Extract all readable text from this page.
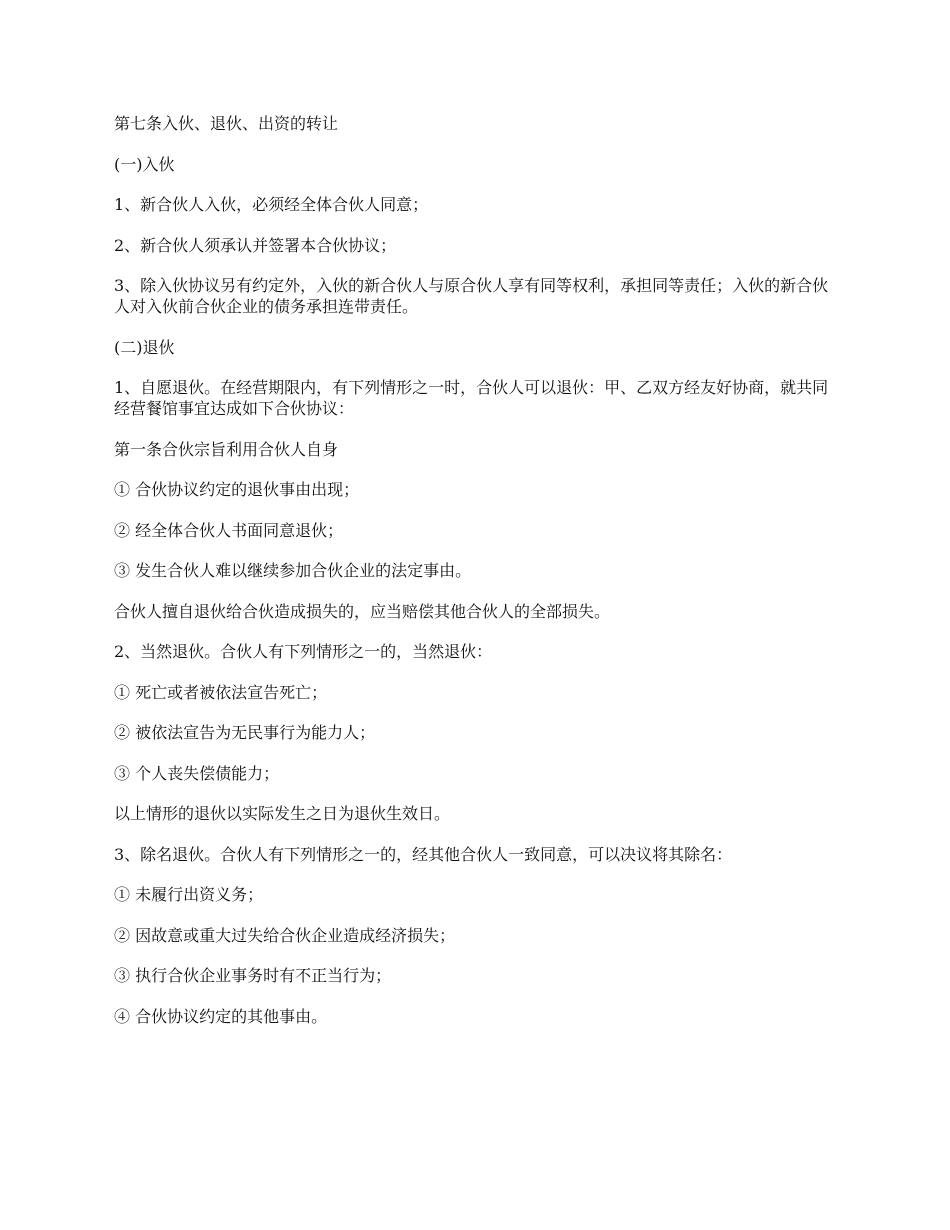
第七条入伙、退伙、出资的转让

(一)入伙

1、新合伙人入伙，必须经全体合伙人同意；

2、新合伙人须承认并签署本合伙协议；

3、除入伙协议另有约定外，入伙的新合伙人与原合伙人享有同等权利，承担同等责任；入伙的新合伙人对入伙前合伙企业的债务承担连带责任。

(二)退伙

1、自愿退伙。在经营期限内，有下列情形之一时，合伙人可以退伙：甲、乙双方经友好协商，就共同经营餐馆事宜达成如下合伙协议：

第一条合伙宗旨利用合伙人自身

① 合伙协议约定的退伙事由出现；

② 经全体合伙人书面同意退伙；

③ 发生合伙人难以继续参加合伙企业的法定事由。

合伙人擅自退伙给合伙造成损失的，应当赔偿其他合伙人的全部损失。

2、当然退伙。合伙人有下列情形之一的，当然退伙：

① 死亡或者被依法宣告死亡；

② 被依法宣告为无民事行为能力人；

③ 个人丧失偿债能力；

以上情形的退伙以实际发生之日为退伙生效日。

3、除名退伙。合伙人有下列情形之一的，经其他合伙人一致同意，可以决议将其除名：

① 未履行出资义务；

② 因故意或重大过失给合伙企业造成经济损失；

③ 执行合伙企业事务时有不正当行为；

④ 合伙协议约定的其他事由。
